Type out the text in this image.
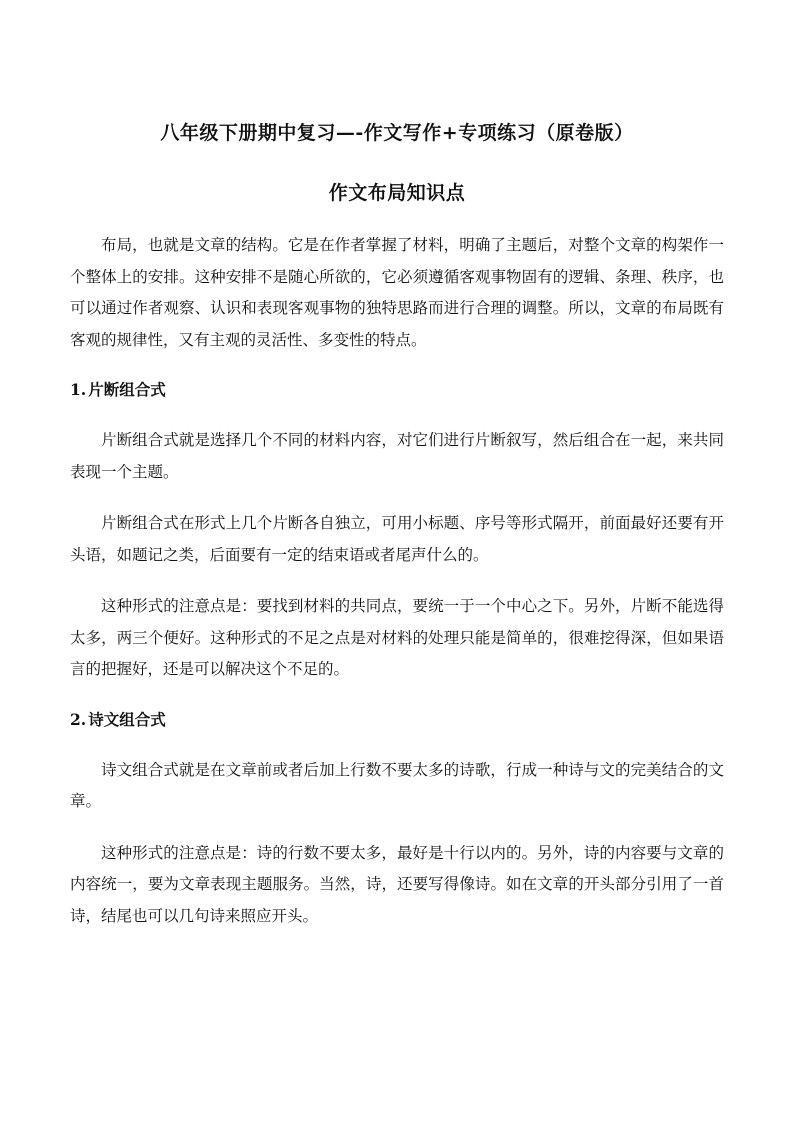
八年级下册期中复习—-作文写作+专项练习（原卷版）
作文布局知识点

布局，也就是文章的结构。它是在作者掌握了材料，明确了主题后，对整个文章的构架作一个整体上的安排。这种安排不是随心所欲的，它必须遵循客观事物固有的逻辑、条理、秩序，也可以通过作者观察、认识和表现客观事物的独特思路而进行合理的调整。所以，文章的布局既有客观的规律性，又有主观的灵活性、多变性的特点。

1. 片断组合式

片断组合式就是选择几个不同的材料内容，对它们进行片断叙写，然后组合在一起，来共同表现一个主题。

片断组合式在形式上几个片断各自独立，可用小标题、序号等形式隔开，前面最好还要有开头语，如题记之类，后面要有一定的结束语或者尾声什么的。

这种形式的注意点是：要找到材料的共同点，要统一于一个中心之下。另外，片断不能选得太多，两三个便好。这种形式的不足之点是对材料的处理只能是简单的，很难挖得深，但如果语言的把握好，还是可以解决这个不足的。

2. 诗文组合式

诗文组合式就是在文章前或者后加上行数不要太多的诗歌，行成一种诗与文的完美结合的文章。

这种形式的注意点是：诗的行数不要太多，最好是十行以内的。另外，诗的内容要与文章的内容统一，要为文章表现主题服务。当然，诗，还要写得像诗。如在文章的开头部分引用了一首诗，结尾也可以几句诗来照应开头。
